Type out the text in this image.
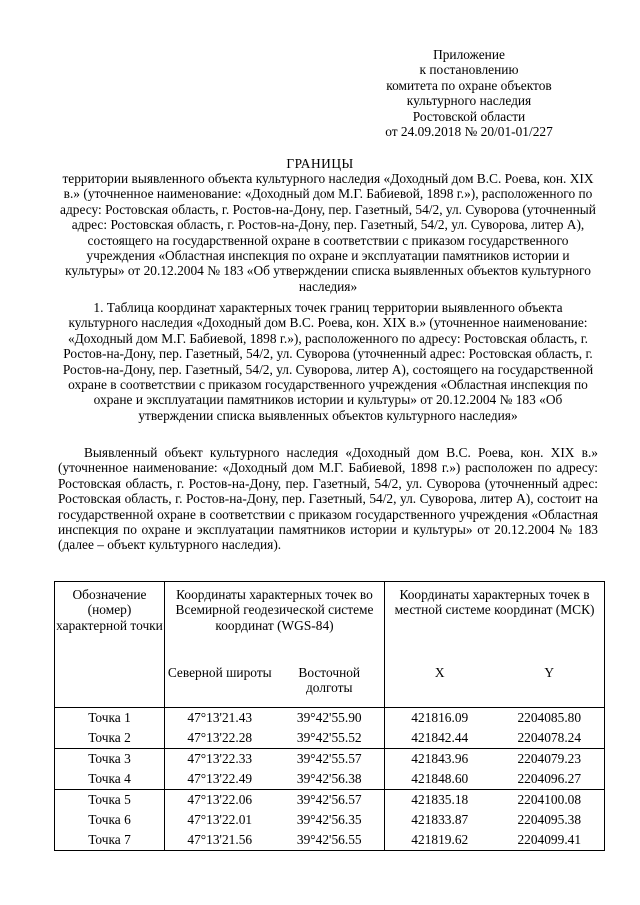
Приложение
к постановлению
комитета по охране объектов
культурного наследия
Ростовской области
от 24.09.2018 № 20/01-01/227
ГРАНИЦЫ
территории выявленного объекта культурного наследия «Доходный дом В.С. Роева, кон. XIX в.» (уточненное наименование: «Доходный дом М.Г. Бабиевой, 1898 г.»), расположенного по адресу: Ростовская область, г. Ростов-на-Дону, пер. Газетный, 54/2, ул. Суворова (уточненный адрес: Ростовская область, г. Ростов-на-Дону, пер. Газетный, 54/2, ул. Суворова, литер А), состоящего на государственной охране в соответствии с приказом государственного учреждения «Областная инспекция по охране и эксплуатации памятников истории и культуры» от 20.12.2004 № 183 «Об утверждении списка выявленных объектов культурного наследия»
1. Таблица координат характерных точек границ территории выявленного объекта культурного наследия «Доходный дом В.С. Роева, кон. XIX в.» (уточненное наименование: «Доходный дом М.Г. Бабиевой, 1898 г.»), расположенного по адресу: Ростовская область, г. Ростов-на-Дону, пер. Газетный, 54/2, ул. Суворова (уточненный адрес: Ростовская область, г. Ростов-на-Дону, пер. Газетный, 54/2, ул. Суворова, литер А), состоящего на государственной охране в соответствии с приказом государственного учреждения «Областная инспекция по охране и эксплуатации памятников истории и культуры» от 20.12.2004 № 183 «Об утверждении списка выявленных объектов культурного наследия»
Выявленный объект культурного наследия «Доходный дом В.С. Роева, кон. XIX в.» (уточненное наименование: «Доходный дом М.Г. Бабиевой, 1898 г.») расположен по адресу: Ростовская область, г. Ростов-на-Дону, пер. Газетный, 54/2, ул. Суворова (уточненный адрес: Ростовская область, г. Ростов-на-Дону, пер. Газетный, 54/2, ул. Суворова, литер А), состоит на государственной охране в соответствии с приказом государственного учреждения «Областная инспекция по охране и эксплуатации памятников истории и культуры» от 20.12.2004 № 183 (далее – объект культурного наследия).
Обозначение (номер) характерной точки	Координаты характерных точек во Всемирной геодезической системе координат (WGS-84)		Координаты характерных точек в местной системе координат (МСК)	
	Северной широты	Восточной долготы	X	Y
Точка 1	47°13'21.43	39°42'55.90	421816.09	2204085.80
Точка 2	47°13'22.28	39°42'55.52	421842.44	2204078.24
Точка 3	47°13'22.33	39°42'55.57	421843.96	2204079.23
Точка 4	47°13'22.49	39°42'56.38	421848.60	2204096.27
Точка 5	47°13'22.06	39°42'56.57	421835.18	2204100.08
Точка 6	47°13'22.01	39°42'56.35	421833.87	2204095.38
Точка 7	47°13'21.56	39°42'56.55	421819.62	2204099.41
